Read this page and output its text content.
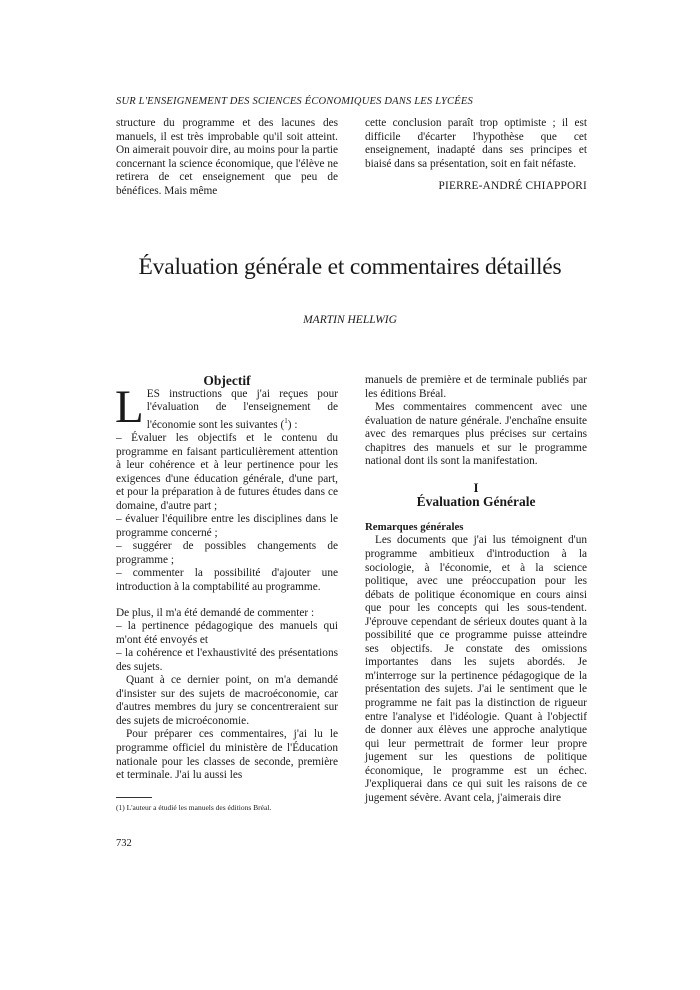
SUR L'ENSEIGNEMENT DES SCIENCES ÉCONOMIQUES DANS LES LYCÉES

structure du programme et des lacunes des manuels, il est très improbable qu'il soit atteint. On aimerait pouvoir dire, au moins pour la partie concernant la science économique, que l'élève ne retirera de cet enseignement que peu de bénéfices. Mais même

cette conclusion paraît trop optimiste ; il est difficile d'écarter l'hypothèse que cet enseignement, inadapté dans ses principes et biaisé dans sa présentation, soit en fait néfaste.

PIERRE-ANDRÉ CHIAPPORI

Évaluation générale et commentaires détaillés
MARTIN HELLWIG

Objectif

LES instructions que j'ai reçues pour l'évaluation de l'enseignement de l'économie sont les suivantes ($^1$) :

– Évaluer les objectifs et le contenu du programme en faisant particulièrement attention à leur cohérence et à leur pertinence pour les exigences d'une éducation générale, d'une part, et pour la préparation à de futures études dans ce domaine, d'autre part ;

– évaluer l'équilibre entre les disciplines dans le programme concerné ;

– suggérer de possibles changements de programme ;

– commenter la possibilité d'ajouter une introduction à la comptabilité au programme.

De plus, il m'a été demandé de commenter :

– la pertinence pédagogique des manuels qui m'ont été envoyés et

– la cohérence et l'exhaustivité des présentations des sujets.

Quant à ce dernier point, on m'a demandé d'insister sur des sujets de macroéconomie, car d'autres membres du jury se concentreraient sur des sujets de microéconomie.

Pour préparer ces commentaires, j'ai lu le programme officiel du ministère de l'Éducation nationale pour les classes de seconde, première et terminale. J'ai lu aussi les

manuels de première et de terminale publiés par les éditions Bréal.

Mes commentaires commencent avec une évaluation de nature générale. J'enchaîne ensuite avec des remarques plus précises sur certains chapitres des manuels et sur le programme national dont ils sont la manifestation.

I

Évaluation Générale

Remarques générales

Les documents que j'ai lus témoignent d'un programme ambitieux d'introduction à la sociologie, à l'économie, et à la science politique, avec une préoccupation pour les débats de politique économique en cours ainsi que pour les concepts qui les sous-tendent. J'éprouve cependant de sérieux doutes quant à la possibilité que ce programme puisse atteindre ses objectifs. Je constate des omissions importantes dans les sujets abordés. Je m'interroge sur la pertinence pédagogique de la présentation des sujets. J'ai le sentiment que le programme ne fait pas la distinction de rigueur entre l'analyse et l'idéologie. Quant à l'objectif de donner aux élèves une approche analytique qui leur permettrait de former leur propre jugement sur les questions de politique économique, le programme est un échec. J'expliquerai dans ce qui suit les raisons de ce jugement sévère. Avant cela, j'aimerais dire

(1) L'auteur a étudié les manuels des éditions Bréal.
732
